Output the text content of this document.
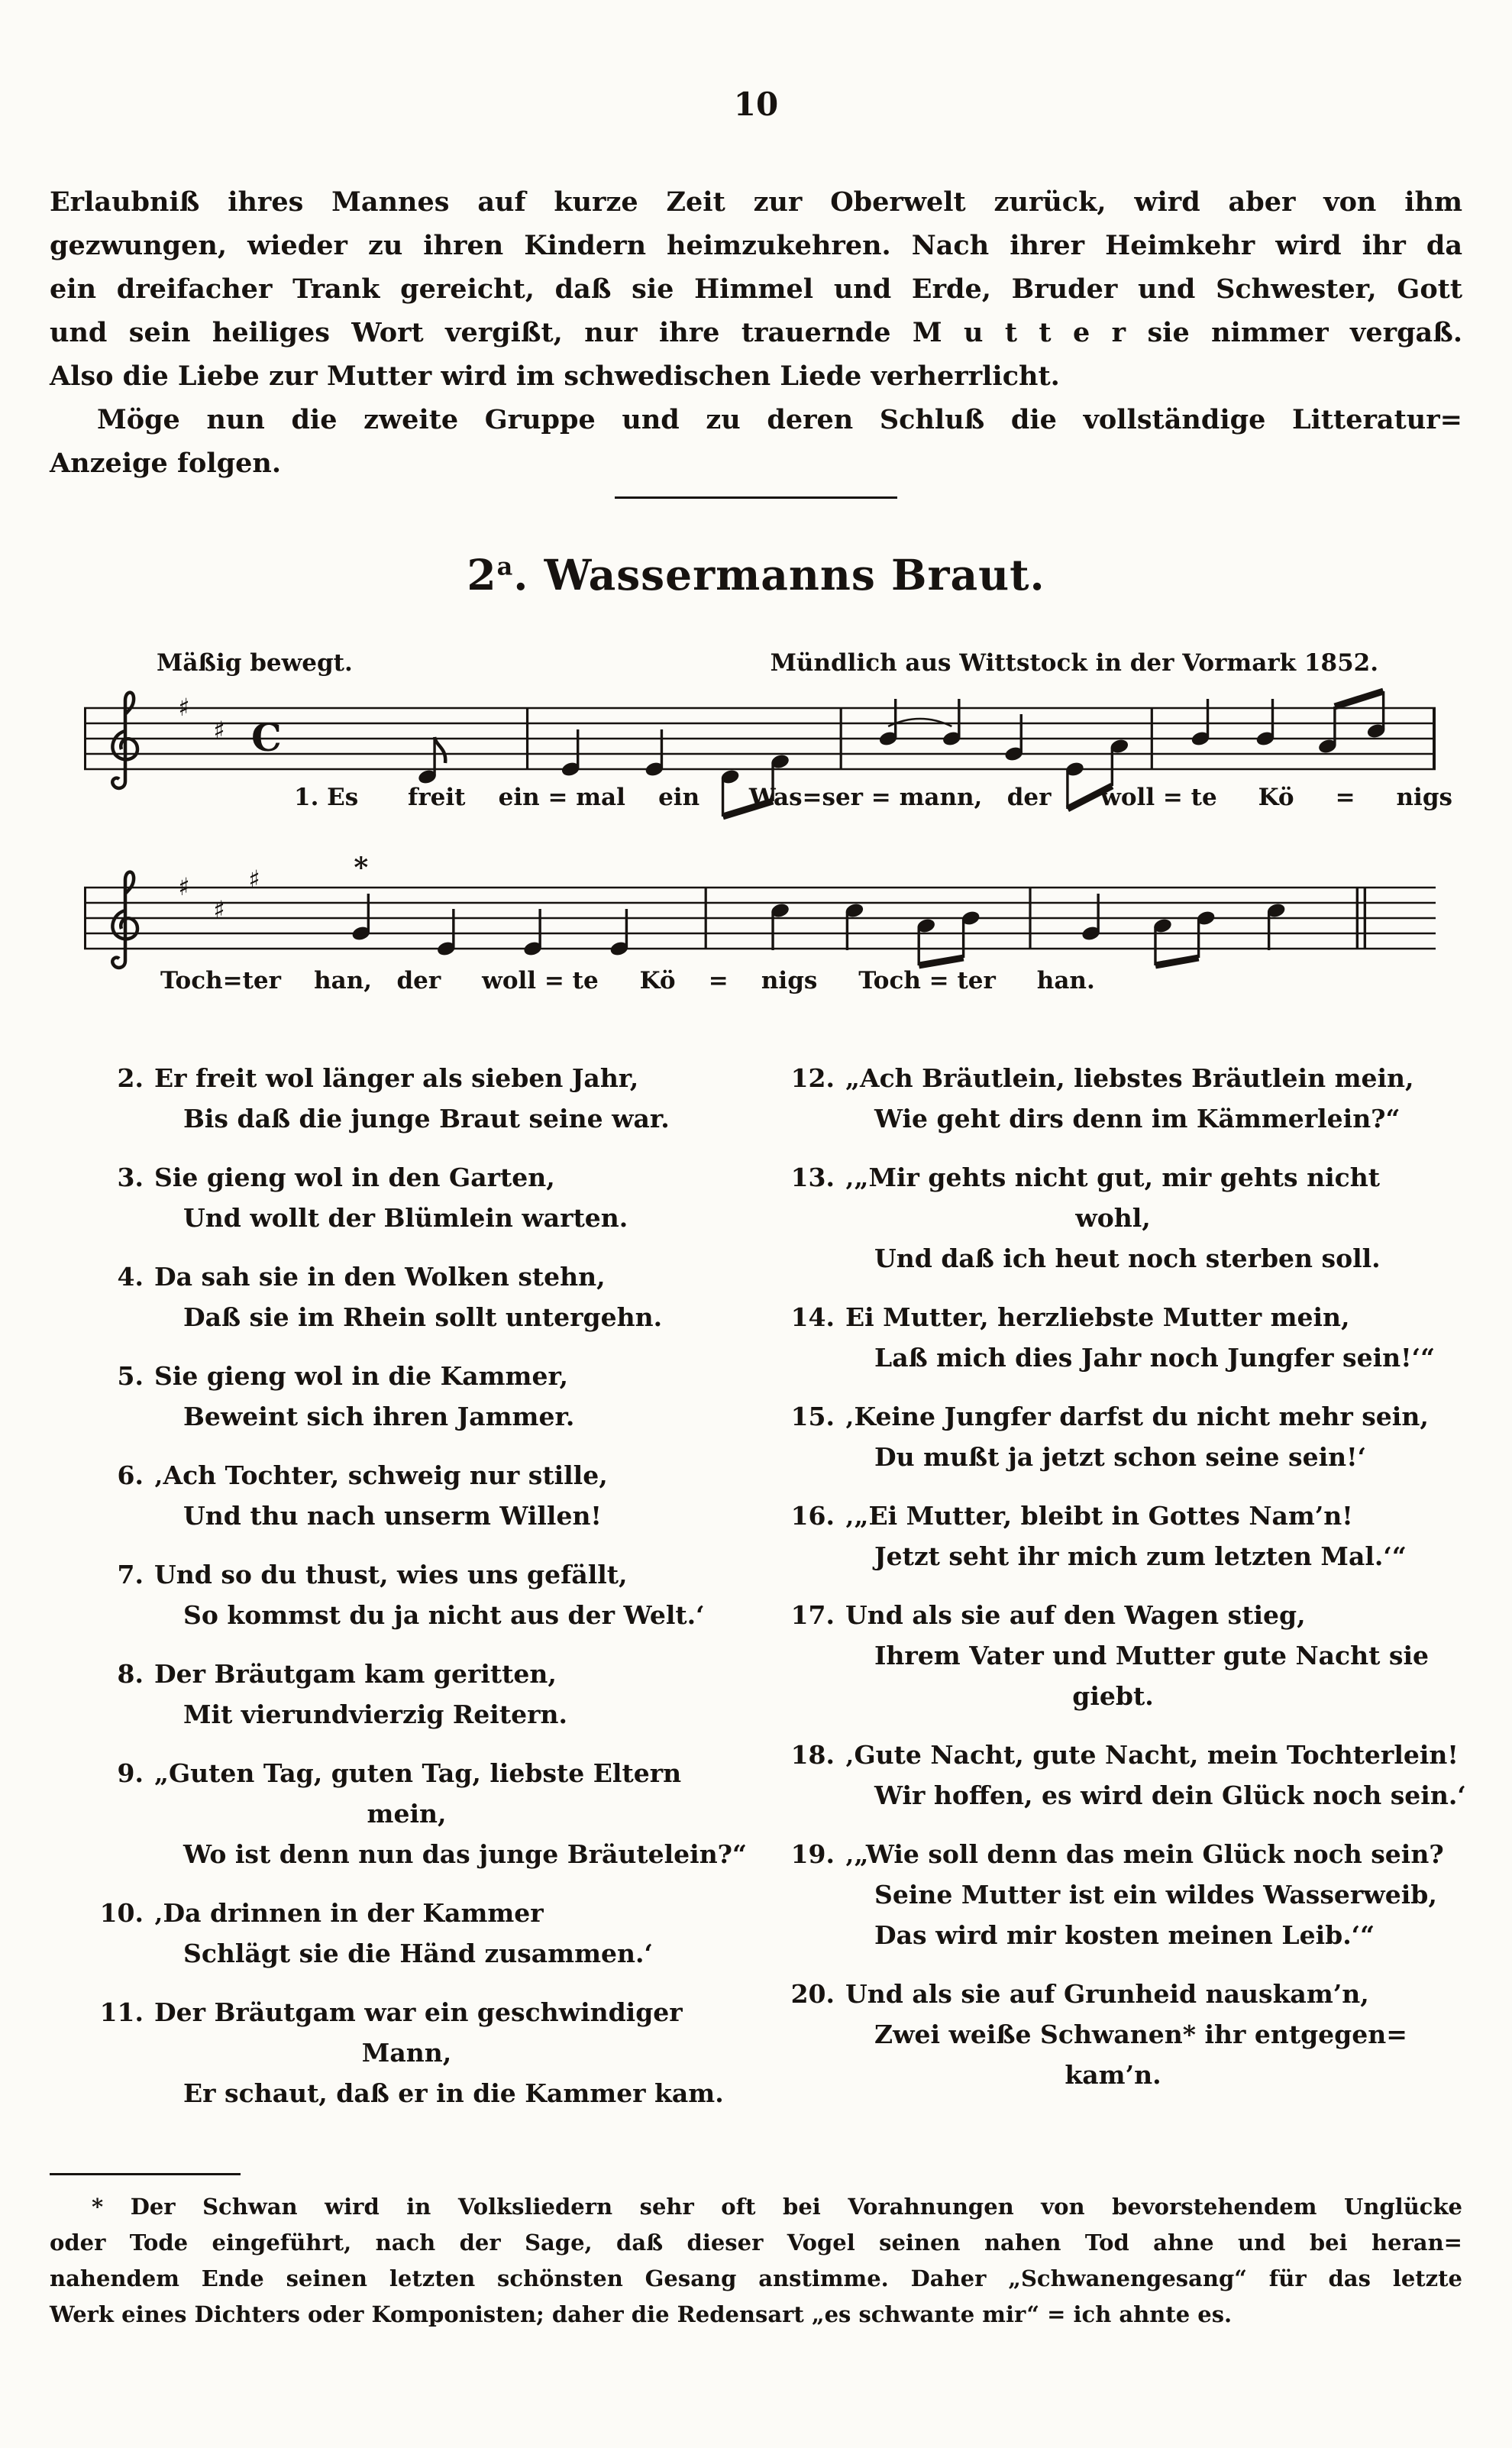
10
Erlaubniß ihres Mannes auf kurze Zeit zur Oberwelt zurück, wird aber von ihm
gezwungen, wieder zu ihren Kindern heimzukehren. Nach ihrer Heimkehr wird ihr da
ein dreifacher Trank gereicht, daß sie Himmel und Erde, Bruder und Schwester, Gott
und sein heiliges Wort vergißt, nur ihre trauernde M u t t e r sie nimmer vergaß.
Also die Liebe zur Mutter wird im schwedischen Liede verherrlicht.
Möge nun die zweite Gruppe und zu deren Schluß die vollständige Litteratur=
Anzeige folgen.
2$^a$. Wassermanns Braut.
Mäßig bewegt.	Mündlich aus Wittstock in der Vormark 1852.
♯
♯ C
1. Es      freit    ein = mal    ein      Was=ser = mann,   der      woll = te     Kö     =     nigs
♯
♯
♯	*
Toch=ter    han,   der     woll = te     Kö    =    nigs     Toch = ter     han.
2. Er freit wol länger als sieben Jahr,
Bis daß die junge Braut seine war.
3. Sie gieng wol in den Garten,
Und wollt der Blümlein warten.
4. Da sah sie in den Wolken stehn,
Daß sie im Rhein sollt untergehn.
5. Sie gieng wol in die Kammer,
Beweint sich ihren Jammer.
6. ‚Ach Tochter, schweig nur stille,
Und thu nach unserm Willen!
7. Und so du thust, wies uns gefällt,
So kommst du ja nicht aus der Welt.‘
8. Der Bräutgam kam geritten,
Mit vierundvierzig Reitern.
9. „Guten Tag, guten Tag, liebste Eltern
mein,
Wo ist denn nun das junge Bräutelein?“
10. ‚Da drinnen in der Kammer
Schlägt sie die Händ zusammen.‘
11. Der Bräutgam war ein geschwindiger
Mann,
Er schaut, daß er in die Kammer kam.
12. „Ach Bräutlein, liebstes Bräutlein mein,
Wie geht dirs denn im Kämmerlein?“
13. ‚„Mir gehts nicht gut, mir gehts nicht
wohl,
Und daß ich heut noch sterben soll.
14. Ei Mutter, herzliebste Mutter mein,
Laß mich dies Jahr noch Jungfer sein!‘“
15. ‚Keine Jungfer darfst du nicht mehr sein,
Du mußt ja jetzt schon seine sein!‘
16. ‚„Ei Mutter, bleibt in Gottes Nam’n!
Jetzt seht ihr mich zum letzten Mal.‘“
17. Und als sie auf den Wagen stieg,
Ihrem Vater und Mutter gute Nacht sie
giebt.
18. ‚Gute Nacht, gute Nacht, mein Tochterlein!
Wir hoffen, es wird dein Glück noch sein.‘
19. ‚„Wie soll denn das mein Glück noch sein?
Seine Mutter ist ein wildes Wasserweib,
Das wird mir kosten meinen Leib.‘“
20. Und als sie auf Grunheid nauskam’n,
Zwei weiße Schwanen* ihr entgegen=
kam’n.
* Der Schwan wird in Volksliedern sehr oft bei Vorahnungen von bevorstehendem Unglücke
oder Tode eingeführt, nach der Sage, daß dieser Vogel seinen nahen Tod ahne und bei heran=
nahendem Ende seinen letzten schönsten Gesang anstimme. Daher „Schwanengesang“ für das letzte
Werk eines Dichters oder Komponisten; daher die Redensart „es schwante mir“ = ich ahnte es.
